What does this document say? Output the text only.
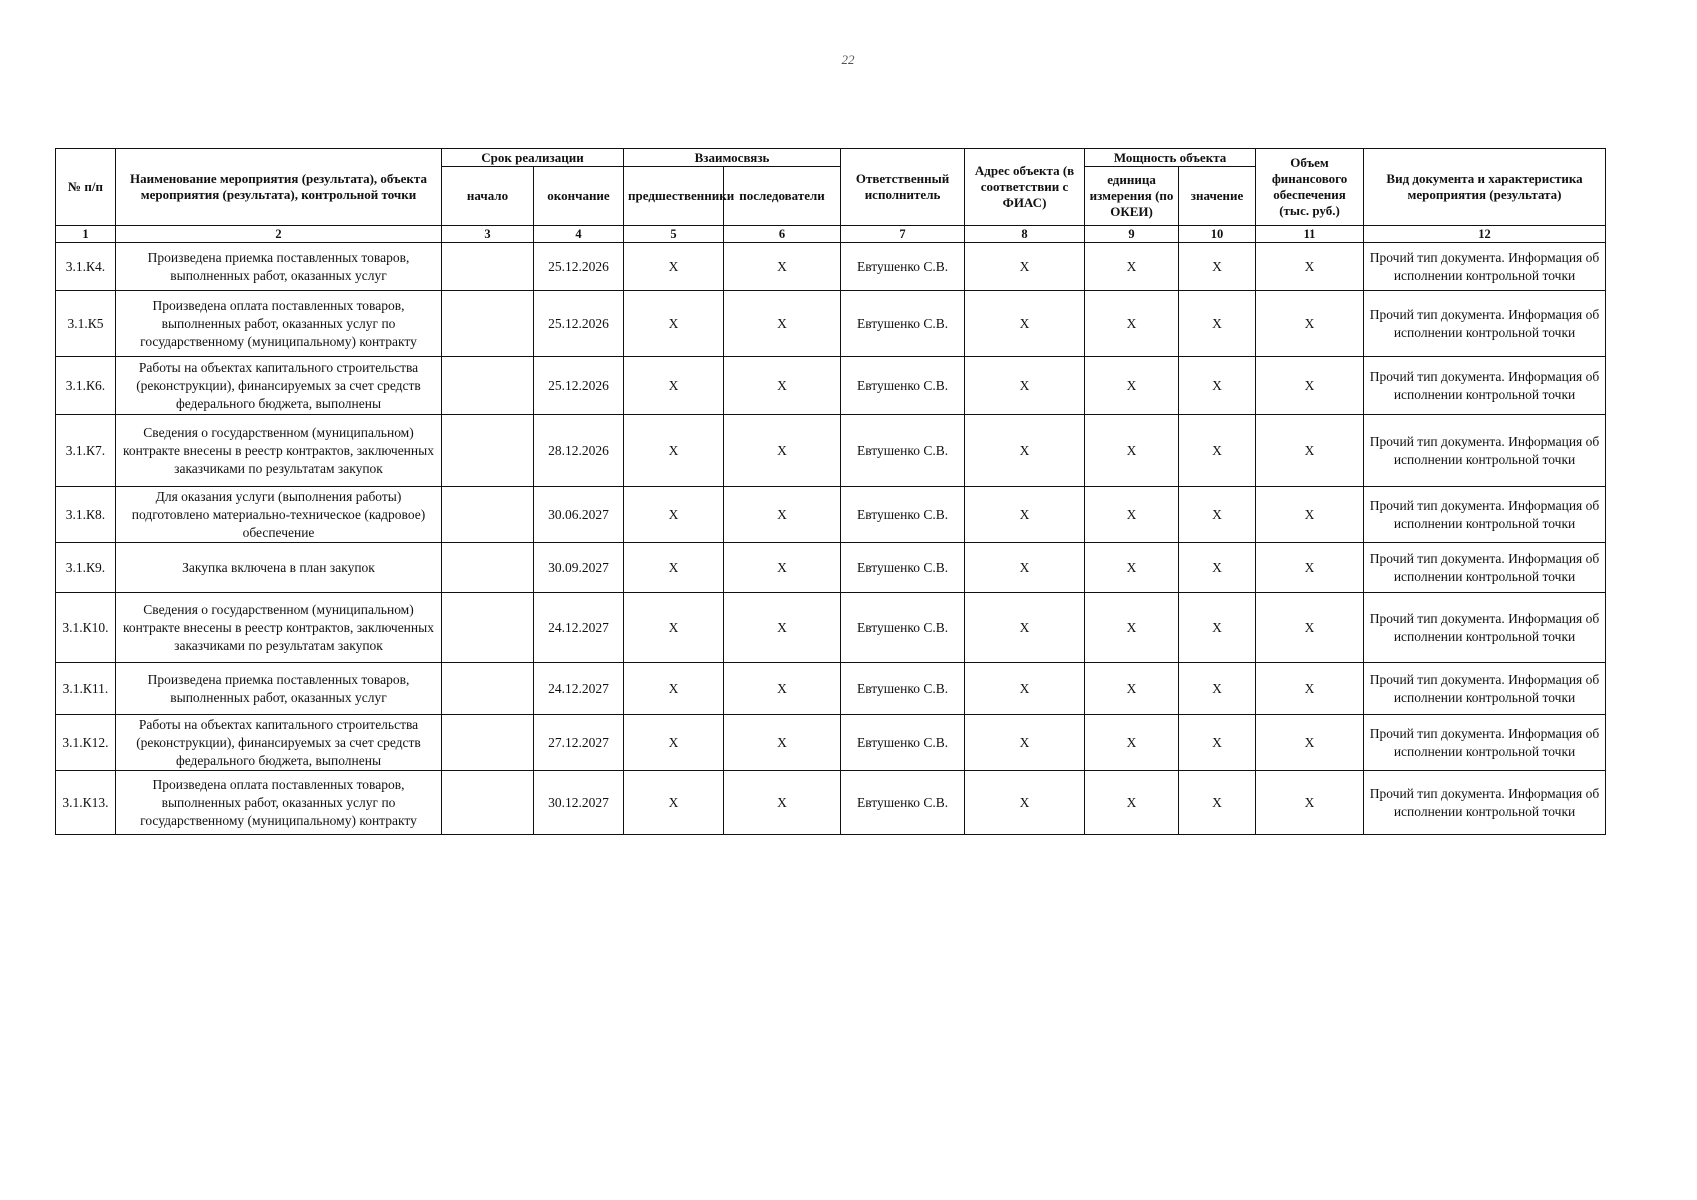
22
№ п/п	Наименование мероприятия (результата), объекта мероприятия (результата), контрольной точки	Срок реализации		Взаимосвязь		Ответственный исполнитель	Адрес объекта (в соответствии с ФИАС)	Мощность объекта		Объем финансового обеспечения (тыс. руб.)	Вид документа и характеристика мероприятия (результата)
		начало	окончание	предшественники	последователи			единица измерения (по ОКЕИ)	значение		
1	2	3	4	5	6	7	8	9	10	11	12
3.1.К4.	Произведена приемка поставленных товаров, выполненных работ, оказанных услуг		25.12.2026	X	X	Евтушенко С.В.	X	X	X	X	Прочий тип документа. Информация об исполнении контрольной точки
3.1.К5	Произведена оплата поставленных товаров, выполненных работ, оказанных услуг по государственному (муниципальному) контракту		25.12.2026	X	X	Евтушенко С.В.	X	X	X	X	Прочий тип документа. Информация об исполнении контрольной точки
3.1.К6.	Работы на объектах капитального строительства (реконструкции), финансируемых за счет средств федерального бюджета, выполнены		25.12.2026	X	X	Евтушенко С.В.	X	X	X	X	Прочий тип документа. Информация об исполнении контрольной точки
3.1.К7.	Сведения о государственном (муниципальном) контракте внесены в реестр контрактов, заключенных заказчиками по результатам закупок		28.12.2026	X	X	Евтушенко С.В.	X	X	X	X	Прочий тип документа. Информация об исполнении контрольной точки
3.1.К8.	Для оказания услуги (выполнения работы) подготовлено материально-техническое (кадровое) обеспечение		30.06.2027	X	X	Евтушенко С.В.	X	X	X	X	Прочий тип документа. Информация об исполнении контрольной точки
3.1.К9.	Закупка включена в план закупок		30.09.2027	X	X	Евтушенко С.В.	X	X	X	X	Прочий тип документа. Информация об исполнении контрольной точки
3.1.К10.	Сведения о государственном (муниципальном) контракте внесены в реестр контрактов, заключенных заказчиками по результатам закупок		24.12.2027	X	X	Евтушенко С.В.	X	X	X	X	Прочий тип документа. Информация об исполнении контрольной точки
3.1.К11.	Произведена приемка поставленных товаров, выполненных работ, оказанных услуг		24.12.2027	X	X	Евтушенко С.В.	X	X	X	X	Прочий тип документа. Информация об исполнении контрольной точки
3.1.К12.	Работы на объектах капитального строительства (реконструкции), финансируемых за счет средств федерального бюджета, выполнены		27.12.2027	X	X	Евтушенко С.В.	X	X	X	X	Прочий тип документа. Информация об исполнении контрольной точки
3.1.К13.	Произведена оплата поставленных товаров, выполненных работ, оказанных услуг по государственному (муниципальному) контракту		30.12.2027	X	X	Евтушенко С.В.	X	X	X	X	Прочий тип документа. Информация об исполнении контрольной точки
